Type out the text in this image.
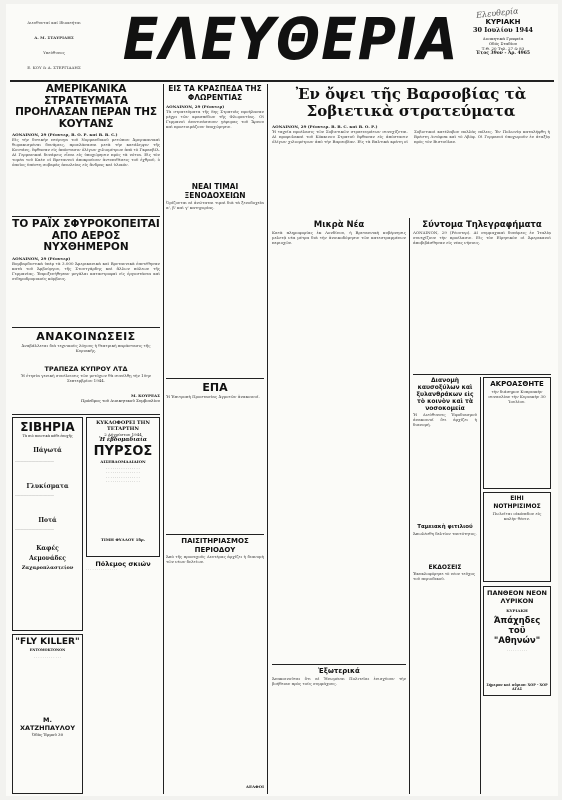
Διευθυνταί καί Ιδιοκτήται

Α. Μ. ΣΤΑΥΡΙΔΗΣ

Υπεύθυνος

Ε. ΚΟΥ & Α. ΣΤΕΡΓΙΑΔΗΣ

ΕΛΕΥΘΕΡΙΑ Ελευθερία
ΚΥΡΙΑΚΗ
30 Ιουλίου 1944
Διοικητικά Γραφεία
Οδός Σταδίου
Τ.Θ. 20 Τηλ. 27 & 83
Έτος 39ον - Άρ. 4965
ΑΜΕΡΙΚΑΝΙΚΑ ΣΤΡΑΤΕΥΜΑΤΑ ΠΡΟΗΛΑΣΑΝ ΠΕΡΑΝ ΤΗΣ ΚΟΥΤΑΝΣ
ΛΟΝΔΙΝΟΝ, 29 (Ρέουτερ, Β. Ο. Ρ. καί Β. Β. C.)
Εἰς τὴν δυτικὴν πτέρυγα τοῦ Νορμανδικοῦ μετώπου Ἀμερικανικαὶ θωρακισμέναι δυνάμεις, προελάσασαι μετὰ τὴν κατάληψιν τῆς Κουτάνς, ἔφθασαν εἰς ἀπόστασιν ὀλίγων χιλιομέτρων ἀπὸ τὸ Γκρανβίλ. Αἱ Γερμανικαὶ δυνάμεις εἶναι εἰς ὑποχώρησιν πρὸς τὰ νότια. Εἰς τὸν τομέα τοῦ Καὲν οἱ Βρεταννοὶ ἀποκρούουν ἀντεπιθέσεις τοῦ ἐχθροῦ, ὁ ὁποῖος ὑπέστη σοβαρὰς ἀπωλείας εἰς ἄνδρας καὶ ὑλικόν.
ΤΟ ΡΑΪΧ ΣΦΥΡΟΚΟΠΕΙΤΑΙ ΑΠΟ ΑΕΡΟΣ ΝΥΧΘΗΜΕΡΟΝ
ΛΟΝΔΙΝΟΝ, 29 (Ρέουτερ)
Βομβαρδιστικὰ ὑπὲρ τὰ 3.000 Ἀμερικανικὰ καὶ Βρεταννικὰ ἐπετέθησαν κατὰ τοῦ Ἁμβούργου, τῆς Στουτγάρδης καὶ ἄλλων πόλεων τῆς Γερμανίας. Ἐπροξενήθησαν μεγάλαι καταστροφαὶ εἰς ἐργοστάσια καὶ σιδηροδρομικοὺς κόμβους.
ΑΝΑΚΟΙΝΩΣΕΙΣ
Ἀναβάλλεται διὰ τεχνικοὺς λόγους ἡ θεατρικὴ παράστασις τῆς Κυριακῆς.
ΤΡΑΠΕΖΑ ΚΥΠΡΟΥ ΛΤΔ
Ἡ ἐτησία γενικὴ συνέλευσις τῶν μετόχων θὰ συνέλθῃ τὴν 10ην Σεπτεμβρίου 1944.
Μ. ΚΟΥΡΕΑΣ
Πρόεδρος τοῦ Διοικητικοῦ Συμβουλίου
ΣΙΒΗΡΙΑ
Τὰ πιὸ ποιοτικὰ κάθε ἐποχῆς
Πάγωτά
_______________________
Γλυκίσματα
_______________________
Ποτά
_______________________
Καφές
Αεμονάδες
Ζαχαροπλαστείον
ΚΥΚΛΟΦΟΡΕΙ ΤΗΝ ΤΕΤΑΡΤΗΝ
2 Αὐγούστου 1944
Ἡ ἑβδομαδιαία
ΠΥΡΣΟΣ
ΔΙΣΕΒΔΟΜΑΔΙΑΙΟΝ
· · · · · · · · · · · · · · · ·
· · · · · · · · · · · · · · · ·
· · · · · · · · · · · · · · · ·
· · · · · · · · · · · · · · · ·
ΤΙΜΗ ΦΥΛΛΟΥ 1δρ.
Πόλεμος σκιών
· · · · · · · · · · · · · · ·
"FLY KILLER"
ΕΝΤΟΜΟΚΤΟΝΟΝ
· · · · · · · · · · · · ·
Μ. ΧΑΤΖΗΠΑΥΛΟΥ
Ὁδὸς Ἑρμοῦ 30
ΕΙΣ ΤΑ ΚΡΑΣΠΕΔΑ ΤΗΣ ΦΛΩΡΕΝΤΙΑΣ
ΛΟΝΔΙΝΟΝ, 29 (Ρέουτερ)
Τὰ στρατεύματα τῆς 8ης Στρατιᾶς προήλασαν μέχρι τῶν κρασπέδων τῆς Φλωρεντίας. Οἱ Γερμανοὶ ἀνατινάσσουν γέφυρας τοῦ Ἄρνου καὶ προετοιμάζουν ὑποχώρησιν.
ΝΕΑΙ ΤΙΜΑΙ ΞΕΝΟΔΟΧΕΙΩΝ
Ὁρίζονται αἱ ἀνώταται τιμαὶ διὰ τὰ ξενοδοχεῖα α', β' καὶ γ' κατηγορίας.
ΕΠΑ
Ἡ Ἐπιτροπὴ Προστασίας Ἀγροτῶν ἀνακοινοῖ.
ΠΑΙΣΙΤΗΡΙΑΣΜΟΣ ΠΕΡΙΟΔΟΥ
Ἀπὸ τῆς προσεχοῦς Δευτέρας ἀρχίζει ἡ διανομὴ τῶν νέων δελτίων.
ΔΕΛΦΟΙ
Ἐν ὄψει τῆς Βαρσοβίας τὰ Σοβιετικὰ στρατεύματα
ΛΟΝΔΙΝΟΝ, 29 (Ρέουτερ. B. B. C. καὶ Β. Ο. Ρ.)
Ἡ ταχεῖα προέλασις τῶν Σοβιετικῶν στρατευμάτων συνεχίζεται. Αἱ προφυλακαὶ τοῦ Κόκκινου Στρατοῦ ἔφθασαν εἰς ἀπόστασιν ὀλίγων χιλιομέτρων ἀπὸ τὴν Βαρσοβίαν. Εἰς τὰ Βαλτικὰ κράτη οἱ Σοβιετικοὶ κατέλαβον πολλὰς πόλεις. Ἐν Πολωνίᾳ καταλήφθη ἡ Βρέστη Λιτόφσκ καὶ τὸ Λβόφ. Οἱ Γερμανοὶ ὑποχωροῦν ἐν ἀταξίᾳ πρὸς τὸν Βιστούλαν.
Μικρὰ Νέα
Κατὰ πληροφορίας ἐκ Λονδίνου, ἡ Βρεταννικὴ κυβέρνησις μελετᾷ νέα μέτρα διὰ τὴν ἀνοικοδόμησιν τῶν κατεστραμμένων περιοχῶν.
Ἑξωτερικά
Ἀνακοινοῦται ὅτι αἱ Ἡνωμέναι Πολιτεῖαι ἐνισχύουν τὴν βοήθειαν πρὸς τοὺς συμμάχους.
Σύντομα Τηλεγραφήματα
ΛΟΝΔΙΝΟΝ, 29 (Ρέουτερ). Αἱ συμμαχικαὶ δυνάμεις ἐν Ἰταλίᾳ συνεχίζουν τὴν προέλασιν. Εἰς τὸν Εἰρηνικὸν οἱ Ἀμερικανοὶ ἀποβιβάσθησαν εἰς νέας νήσους.
Διανομὴ καυσοξύλων καὶ ξυλανθράκων εἰς τὸ κοινὸν καὶ τὰ νοσοκομεία
Ἡ Διεύθυνσις Ἐφοδιασμοῦ ἀνακοινοῖ ὅτι ἀρχίζει ἡ διανομή.
Ταμειακὴ φιτιλιού
Ἀπωλέσθη δελτίον ταυτότητος.
ΑΚΡΟΑΣΘΗΤΕ
τὴν διάσημον Κυπριακὴν συναυλίαν τὴν Κυριακὴν 30 Ἰουλίου.
ΕΙΗΙ ΝΟΤΗΡΙΣΙΜΟΣ
Πωλεῖται οἰκόπεδον εἰς καλὴν θέσιν.
ΠΑΝΘΕΟΝ ΝΕΟΝ ΛΥΡΙΚΟΝ
ΚΥΡΙΑΚΗ
Άπάχηδες τοῦ "Αθηνών"
· · · · · · · · · ·
Σήμερον καὶ αὔριον: ΧΟΡ - ΧΟΡ ΑΓΑΣ
ΕΚΔΟΣΕΙΣ
Ἐκυκλοφόρησε τὸ νέον τεῦχος τοῦ περιοδικοῦ.
